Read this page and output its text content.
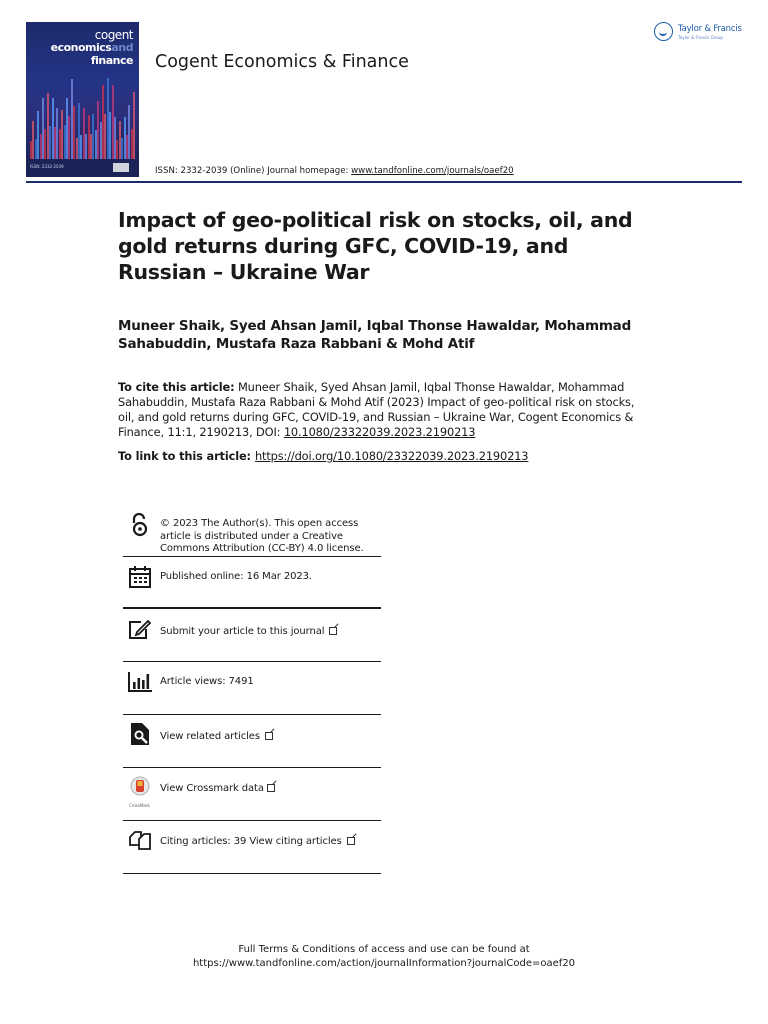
cogent
economicsand
finance
ISSN: 2332-2039
Cogent Economics & Finance
Taylor & Francis
Taylor & Francis Group
ISSN: 2332-2039 (Online) Journal homepage: www.tandfonline.com/journals/oaef20
Impact of geo-political risk on stocks, oil, and gold returns during GFC, COVID-19, and Russian – Ukraine War
Muneer Shaik, Syed Ahsan Jamil, Iqbal Thonse Hawaldar, Mohammad Sahabuddin, Mustafa Raza Rabbani & Mohd Atif
To cite this article: Muneer Shaik, Syed Ahsan Jamil, Iqbal Thonse Hawaldar, Mohammad Sahabuddin, Mustafa Raza Rabbani & Mohd Atif (2023) Impact of geo-political risk on stocks, oil, and gold returns during GFC, COVID-19, and Russian – Ukraine War, Cogent Economics & Finance, 11:1, 2190213, DOI: 10.1080/23322039.2023.2190213
To link to this article: https://doi.org/10.1080/23322039.2023.2190213
© 2023 The Author(s). This open access article is distributed under a Creative Commons Attribution (CC-BY) 4.0 license.
Published online: 16 Mar 2023.
Submit your article to this journal
Article views: 7491
View related articles
CrossMark
View Crossmark data
Citing articles: 39 View citing articles
Full Terms & Conditions of access and use can be found at
https://www.tandfonline.com/action/journalInformation?journalCode=oaef20
